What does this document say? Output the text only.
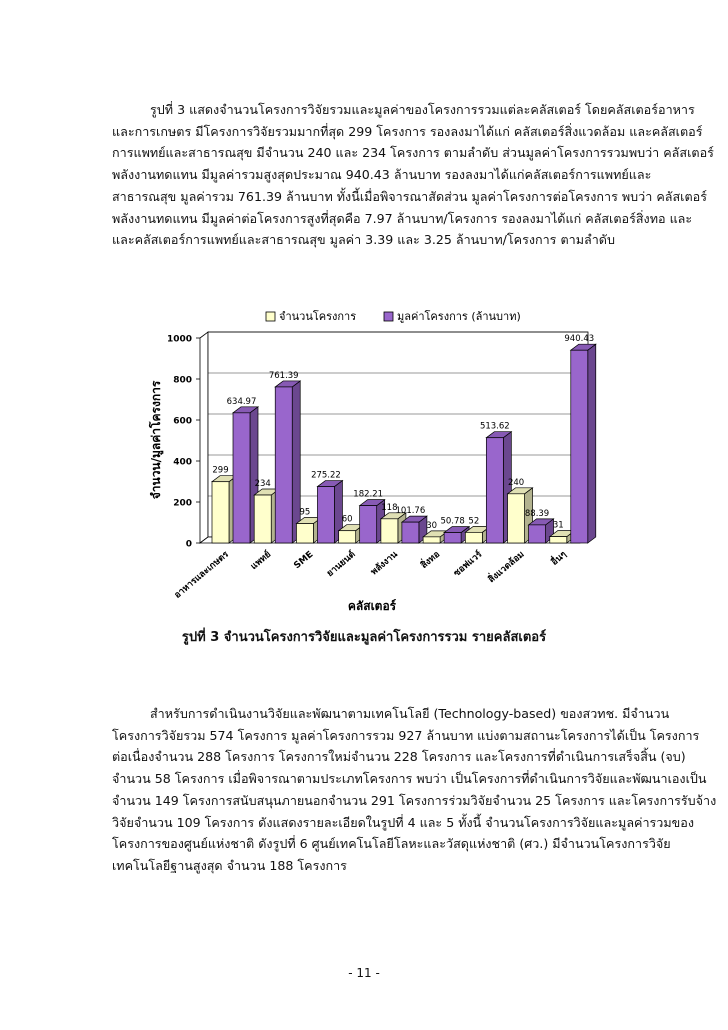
รูปที่ 3 แสดงจำนวนโครงการวิจัยรวมและมูลค่าของโครงการรวมแต่ละคลัสเตอร์ โดยคลัสเตอร์อาหาร
และการเกษตร มีโครงการวิจัยรวมมากที่สุด 299 โครงการ รองลงมาได้แก่ คลัสเตอร์สิ่งแวดล้อม และคลัสเตอร์
การแพทย์และสาธารณสุข มีจำนวน 240 และ 234 โครงการ ตามลำดับ ส่วนมูลค่าโครงการรวมพบว่า คลัสเตอร์
พลังงานทดแทน มีมูลค่ารวมสูงสุดประมาณ 940.43 ล้านบาท รองลงมาได้แก่คลัสเตอร์การแพทย์และ
สาธารณสุข มูลค่ารวม 761.39 ล้านบาท ทั้งนี้เมื่อพิจารณาสัดส่วน มูลค่าโครงการต่อโครงการ พบว่า คลัสเตอร์
พลังงานทดแทน มีมูลค่าต่อโครงการสูงที่สุดคือ 7.97 ล้านบาท/โครงการ รองลงมาได้แก่ คลัสเตอร์สิ่งทอ และ
และคลัสเตอร์การแพทย์และสาธารณสุข มูลค่า 3.39 และ 3.25 ล้านบาท/โครงการ ตามลำดับ
จำนวนโครงการ	มูลค่าโครงการ (ล้านบาท)
จำนวน/มูลค่าโครงการ
คลัสเตอร์
299
634.97
234
761.39
95
275.22
60
182.21
118
101.76
30 50.78 52
513.62
240
88.39
31
940.43
0
200
400
600
800
1000
อาหารและเกษตร แพทย์ SME ยานยนต์ พลังงาน สิ่งทอ ซอฟแวร์ สิ่งแวดล้อม	อื่นๆ
รูปที่ 3 จำนวนโครงการวิจัยและมูลค่าโครงการรวม รายคลัสเตอร์
สำหรับการดำเนินงานวิจัยและพัฒนาตามเทคโนโลยี (Technology-based) ของสวทช. มีจำนวน
โครงการวิจัยรวม 574 โครงการ มูลค่าโครงการรวม 927 ล้านบาท แบ่งตามสถานะโครงการได้เป็น โครงการ
ต่อเนื่องจำนวน 288 โครงการ โครงการใหม่จำนวน 228 โครงการ และโครงการที่ดำเนินการเสร็จสิ้น (จบ)
จำนวน 58 โครงการ เมื่อพิจารณาตามประเภทโครงการ พบว่า เป็นโครงการที่ดำเนินการวิจัยและพัฒนาเองเป็น
จำนวน 149 โครงการสนับสนุนภายนอกจำนวน 291 โครงการร่วมวิจัยจำนวน 25 โครงการ และโครงการรับจ้าง
วิจัยจำนวน 109 โครงการ ดังแสดงรายละเอียดในรูปที่ 4 และ 5 ทั้งนี้ จำนวนโครงการวิจัยและมูลค่ารวมของ
โครงการของศูนย์แห่งชาติ ดังรูปที่ 6 ศูนย์เทคโนโลยีโลหะและวัสดุแห่งชาติ (ศว.) มีจำนวนโครงการวิจัย
เทคโนโลยีฐานสูงสุด จำนวน 188 โครงการ
- 11 -
